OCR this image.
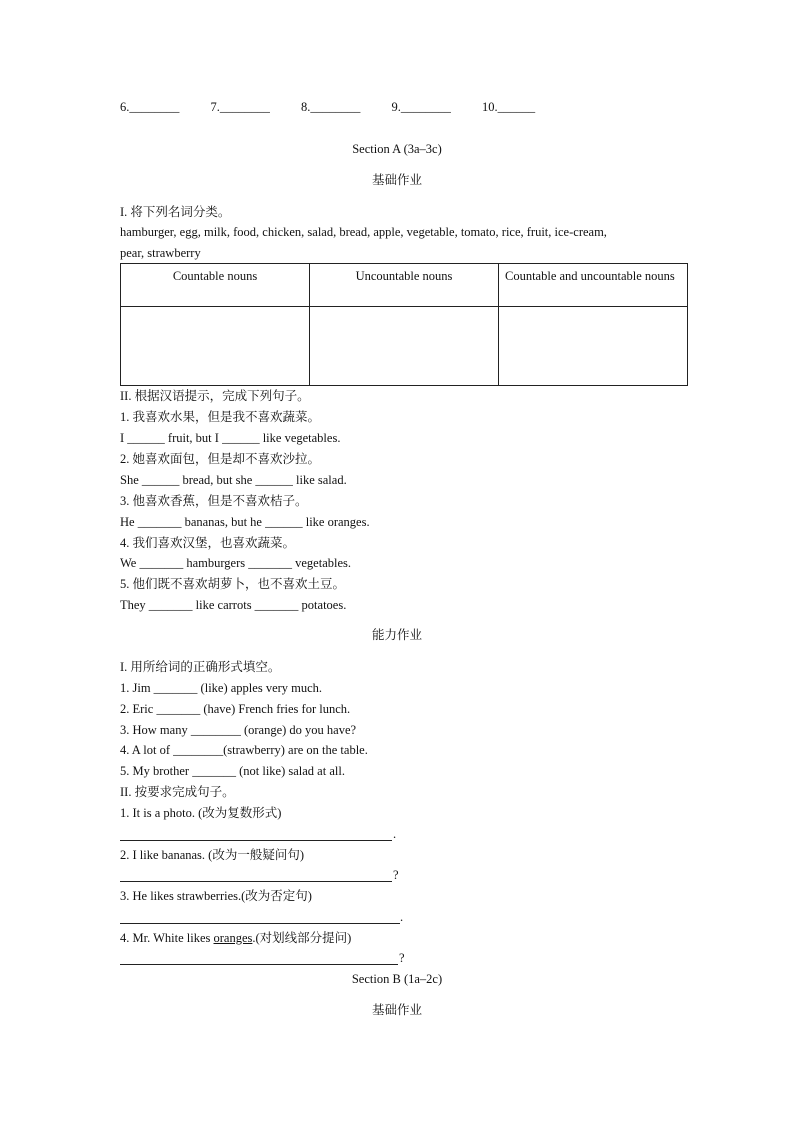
6.________ 7.________ 8.________ 9.________ 10.______
Section A (3a–3c)
基础作业
I. 将下列名词分类。
hamburger, egg, milk, food, chicken, salad, bread, apple, vegetable, tomato, rice, fruit, ice-cream,
pear, strawberry
Countable nouns	Uncountable nouns	Countable and uncountable nouns

II. 根据汉语提示，完成下列句子。
1. 我喜欢水果，但是我不喜欢蔬菜。
I ______ fruit, but I ______ like vegetables.
2. 她喜欢面包，但是却不喜欢沙拉。
She ______ bread, but she ______ like salad.
3. 他喜欢香蕉，但是不喜欢桔子。
He _______ bananas, but he ______ like oranges.
4. 我们喜欢汉堡，也喜欢蔬菜。
We _______ hamburgers _______ vegetables.
5. 他们既不喜欢胡萝卜，也不喜欢土豆。
They _______ like carrots _______ potatoes.
能力作业
I. 用所给词的正确形式填空。
1. Jim _______ (like) apples very much.
2. Eric _______ (have) French fries for lunch.
3. How many ________ (orange) do you have?
4. A lot of ________(strawberry) are on the table.
5. My brother _______ (not like) salad at all.
II. 按要求完成句子。
1. It is a photo. (改为复数形式)
.
2. I like bananas. (改为一般疑问句)
?
3. He likes strawberries.(改为否定句)
.
4. Mr. White likes oranges.(对划线部分提问)
?
Section B (1a–2c)
基础作业
